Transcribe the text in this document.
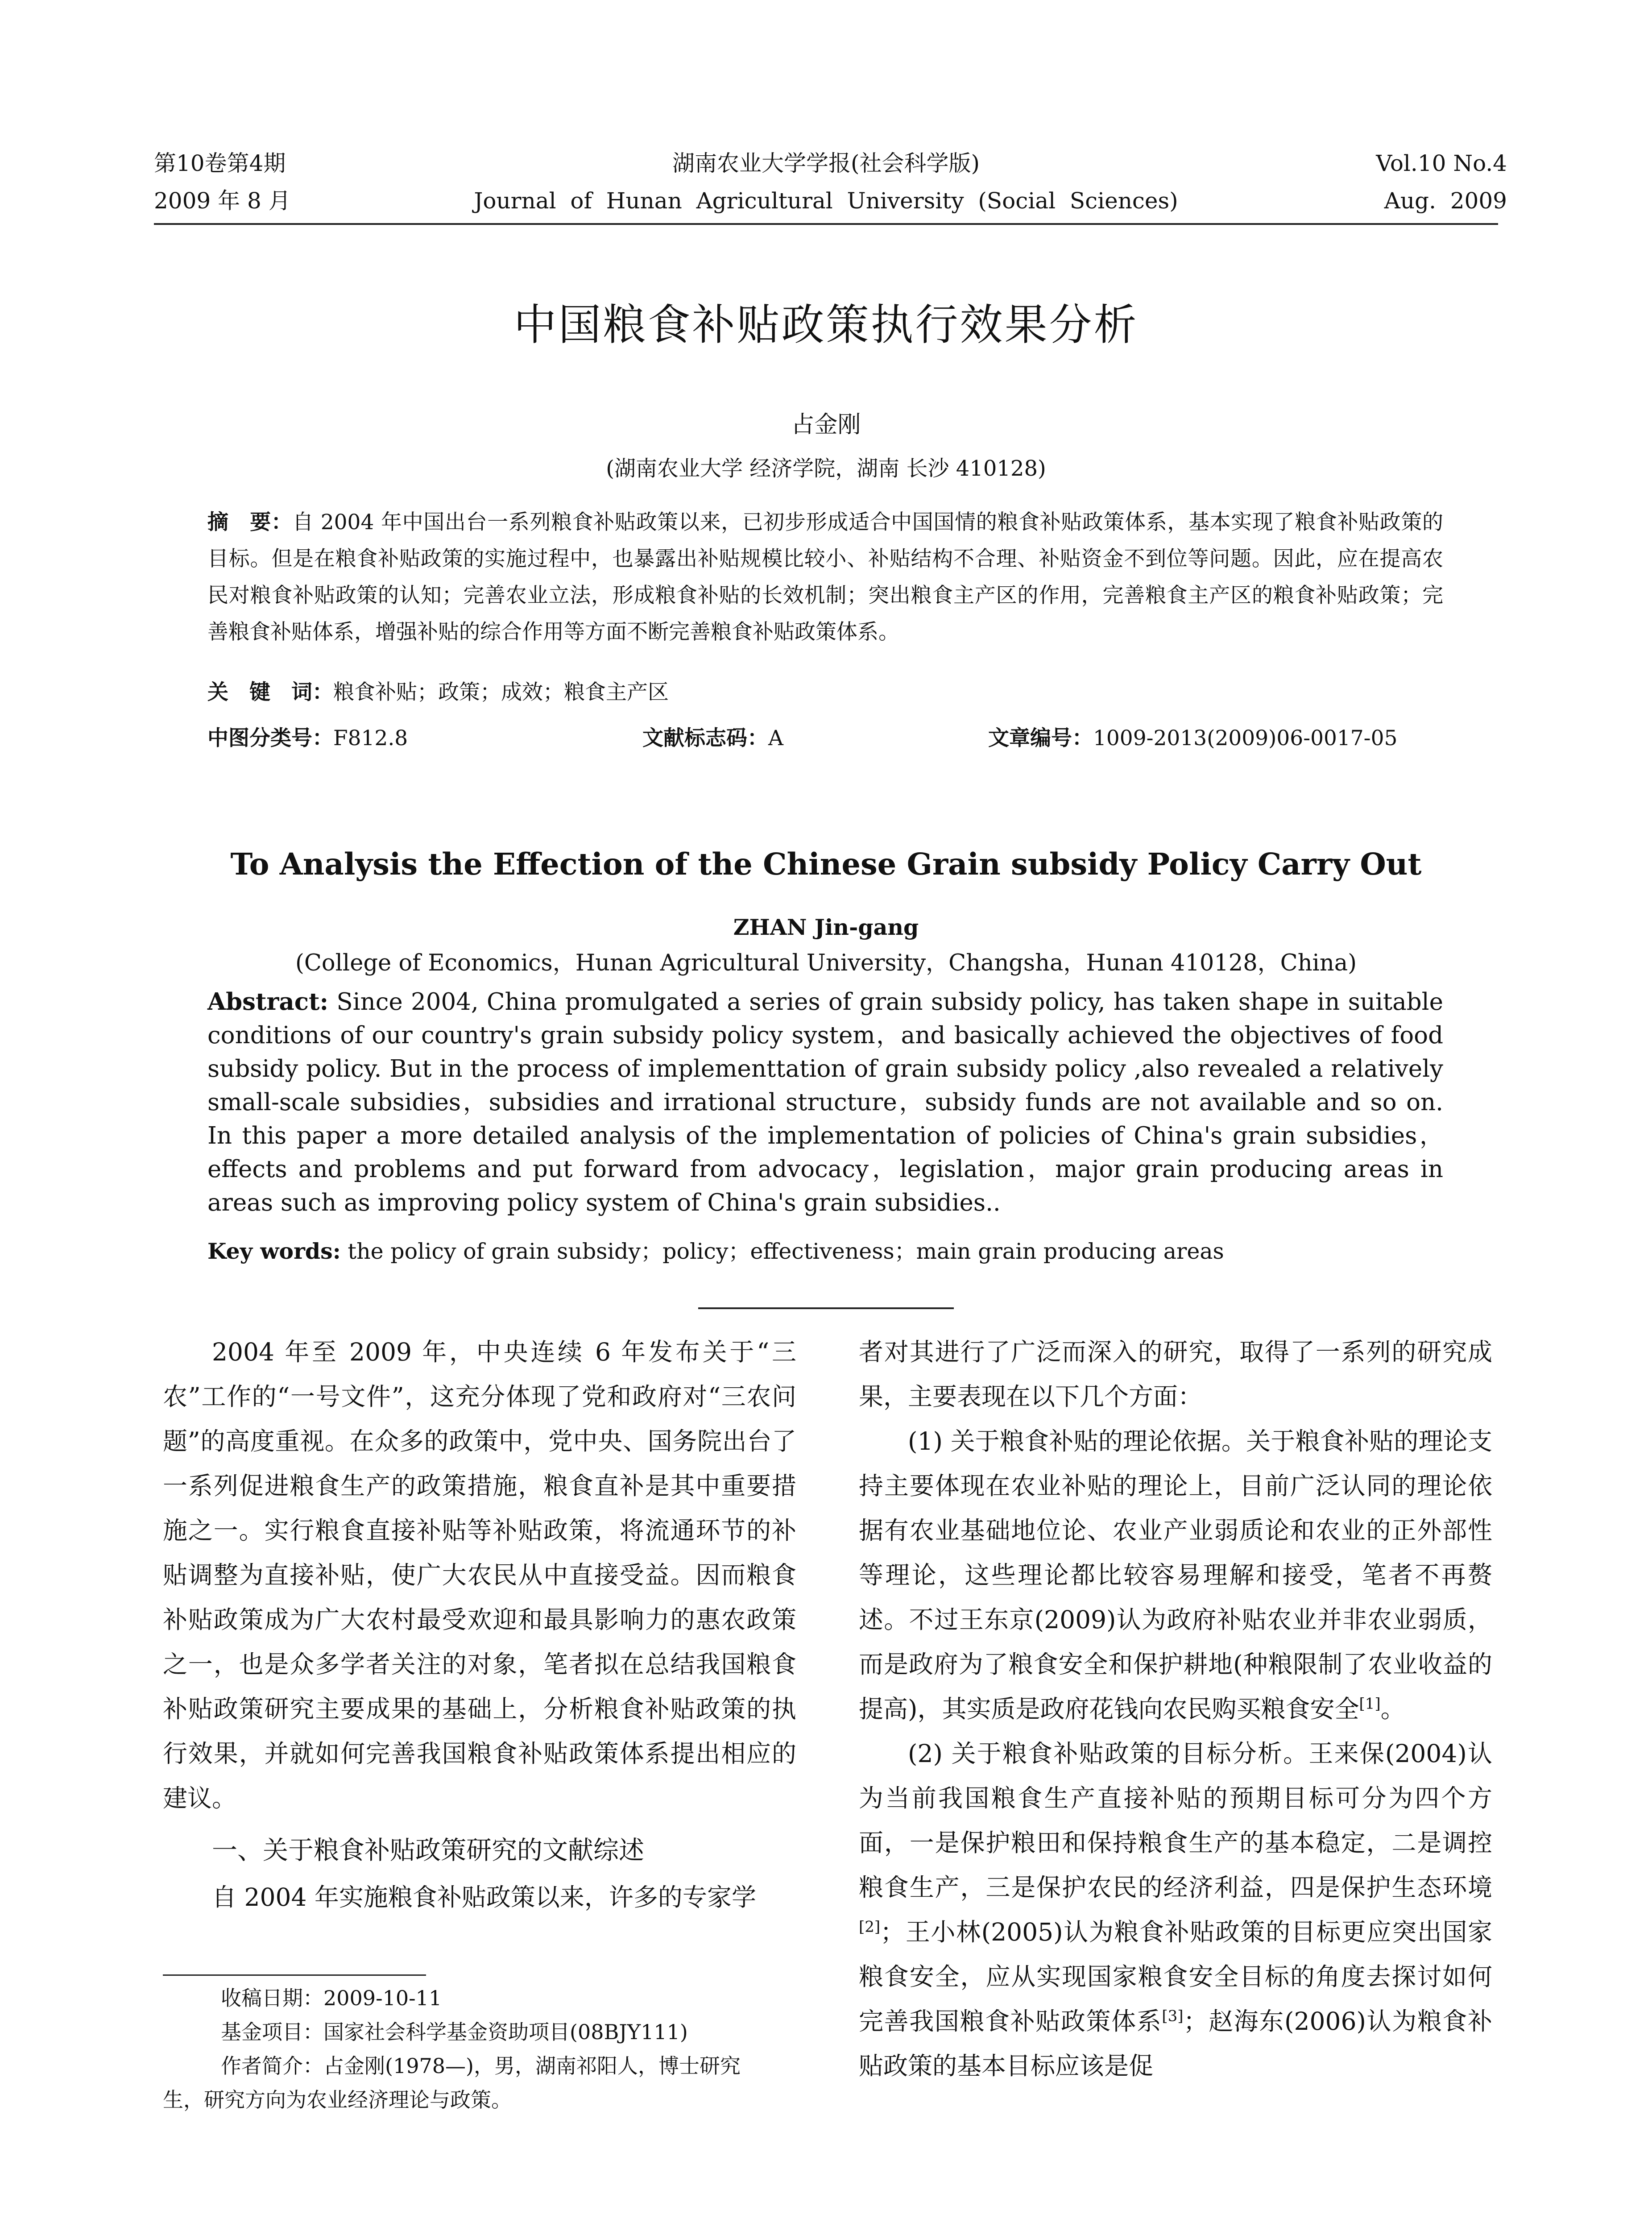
第10卷第4期
2009 年 8 月
湖南农业大学学报(社会科学版)
Journal  of  Hunan  Agricultural  University  (Social  Sciences)
Vol.10 No.4
Aug.  2009
中国粮食补贴政策执行效果分析
占金刚
(湖南农业大学 经济学院，湖南 长沙 410128)
摘　要：自 2004 年中国出台一系列粮食补贴政策以来，已初步形成适合中国国情的粮食补贴政策体系，基本实现了粮食补贴政策的目标。但是在粮食补贴政策的实施过程中，也暴露出补贴规模比较小、补贴结构不合理、补贴资金不到位等问题。因此，应在提高农民对粮食补贴政策的认知；完善农业立法，形成粮食补贴的长效机制；突出粮食主产区的作用，完善粮食主产区的粮食补贴政策；完善粮食补贴体系，增强补贴的综合作用等方面不断完善粮食补贴政策体系。
关　键　词：粮食补贴；政策；成效；粮食主产区
中图分类号：F812.8	文献标志码：A	文章编号：1009-2013(2009)06-0017-05
To Analysis the Effection of the Chinese Grain subsidy Policy Carry Out
ZHAN Jin-gang
(College of Economics，Hunan Agricultural University，Changsha，Hunan 410128，China)
Abstract: Since 2004, China promulgated a series of grain subsidy policy, has taken shape in suitable conditions of our country's grain subsidy policy system，and basically achieved the objectives of food subsidy policy. But in the process of implementtation of grain subsidy policy ,also revealed a relatively small-scale subsidies，subsidies and irrational structure，subsidy funds are not available and so on. In this paper a more detailed analysis of the implementation of policies of China's grain subsidies，effects and problems and put forward from advocacy，legislation，major grain producing areas in areas such as improving policy system of China's grain subsidies..
Key words: the policy of grain subsidy；policy；effectiveness；main grain producing areas

2004 年至 2009 年，中央连续 6 年发布关于“三农”工作的“一号文件”，这充分体现了党和政府对“三农问题”的高度重视。在众多的政策中，党中央、国务院出台了一系列促进粮食生产的政策措施，粮食直补是其中重要措施之一。实行粮食直接补贴等补贴政策，将流通环节的补贴调整为直接补贴，使广大农民从中直接受益。因而粮食补贴政策成为广大农村最受欢迎和最具影响力的惠农政策之一，也是众多学者关注的对象，笔者拟在总结我国粮食补贴政策研究主要成果的基础上，分析粮食补贴政策的执行效果，并就如何完善我国粮食补贴政策体系提出相应的建议。

一、关于粮食补贴政策研究的文献综述

自 2004 年实施粮食补贴政策以来，许多的专家学

者对其进行了广泛而深入的研究，取得了一系列的研究成果，主要表现在以下几个方面：

(1) 关于粮食补贴的理论依据。关于粮食补贴的理论支持主要体现在农业补贴的理论上，目前广泛认同的理论依据有农业基础地位论、农业产业弱质论和农业的正外部性等理论，这些理论都比较容易理解和接受，笔者不再赘述。不过王东京(2009)认为政府补贴农业并非农业弱质，而是政府为了粮食安全和保护耕地(种粮限制了农业收益的提高)，其实质是政府花钱向农民购买粮食安全[1]。

(2) 关于粮食补贴政策的目标分析。王来保(2004)认为当前我国粮食生产直接补贴的预期目标可分为四个方面，一是保护粮田和保持粮食生产的基本稳定，二是调控粮食生产，三是保护农民的经济利益，四是保护生态环境[2]；王小林(2005)认为粮食补贴政策的目标更应突出国家粮食安全，应从实现国家粮食安全目标的角度去探讨如何完善我国粮食补贴政策体系[3]；赵海东(2006)认为粮食补贴政策的基本目标应该是促

收稿日期：2009-10-11

基金项目：国家社会科学基金资助项目(08BJY111)

作者简介：占金刚(1978—)，男，湖南祁阳人，博士研究

生，研究方向为农业经济理论与政策。
